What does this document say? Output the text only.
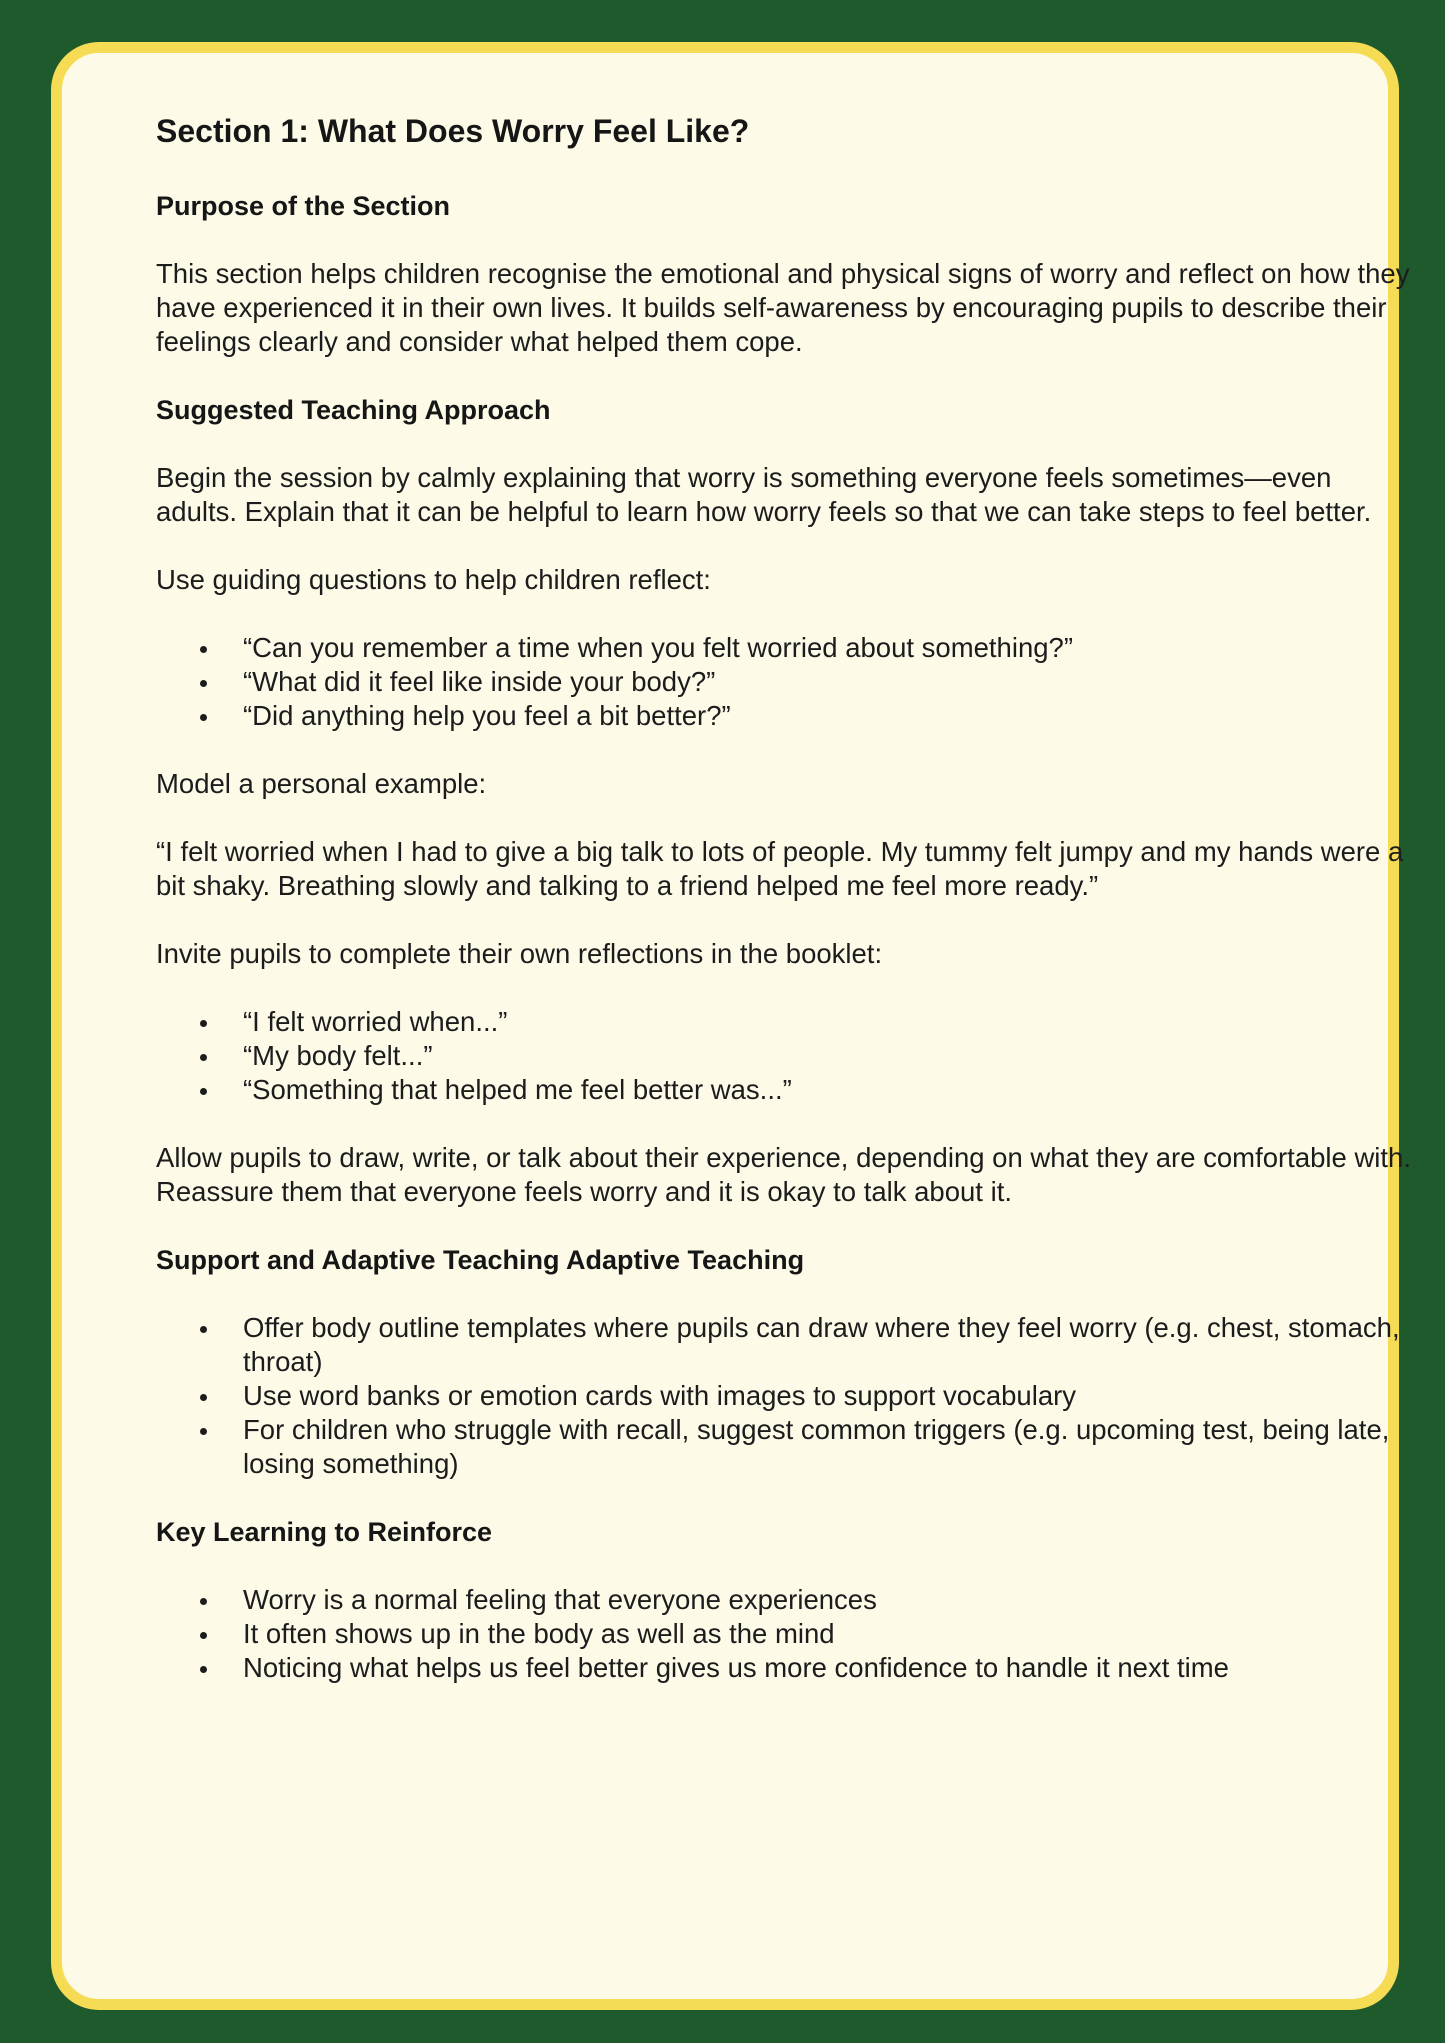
Section 1: What Does Worry Feel Like?
Purpose of the Section

This section helps children recognise the emotional and physical signs of worry and reflect on how they have experienced it in their own lives. It builds self-awareness by encouraging pupils to describe their feelings clearly and consider what helped them cope.

Suggested Teaching Approach

Begin the session by calmly explaining that worry is something everyone feels sometimes—even adults. Explain that it can be helpful to learn how worry feels so that we can take steps to feel better.

Use guiding questions to help children reflect:

“Can you remember a time when you felt worried about something?”
“What did it feel like inside your body?”
“Did anything help you feel a bit better?”

Model a personal example:

“I felt worried when I had to give a big talk to lots of people. My tummy felt jumpy and my hands were a bit shaky. Breathing slowly and talking to a friend helped me feel more ready.”

Invite pupils to complete their own reflections in the booklet:

“I felt worried when...”
“My body felt...”
“Something that helped me feel better was...”

Allow pupils to draw, write, or talk about their experience, depending on what they are comfortable with. Reassure them that everyone feels worry and it is okay to talk about it.

Support and Adaptive Teaching Adaptive Teaching
Offer body outline templates where pupils can draw where they feel worry (e.g. chest, stomach, throat)
Use word banks or emotion cards with images to support vocabulary
For children who struggle with recall, suggest common triggers (e.g. upcoming test, being late, losing something)
Key Learning to Reinforce
Worry is a normal feeling that everyone experiences
It often shows up in the body as well as the mind
Noticing what helps us feel better gives us more confidence to handle it next time
